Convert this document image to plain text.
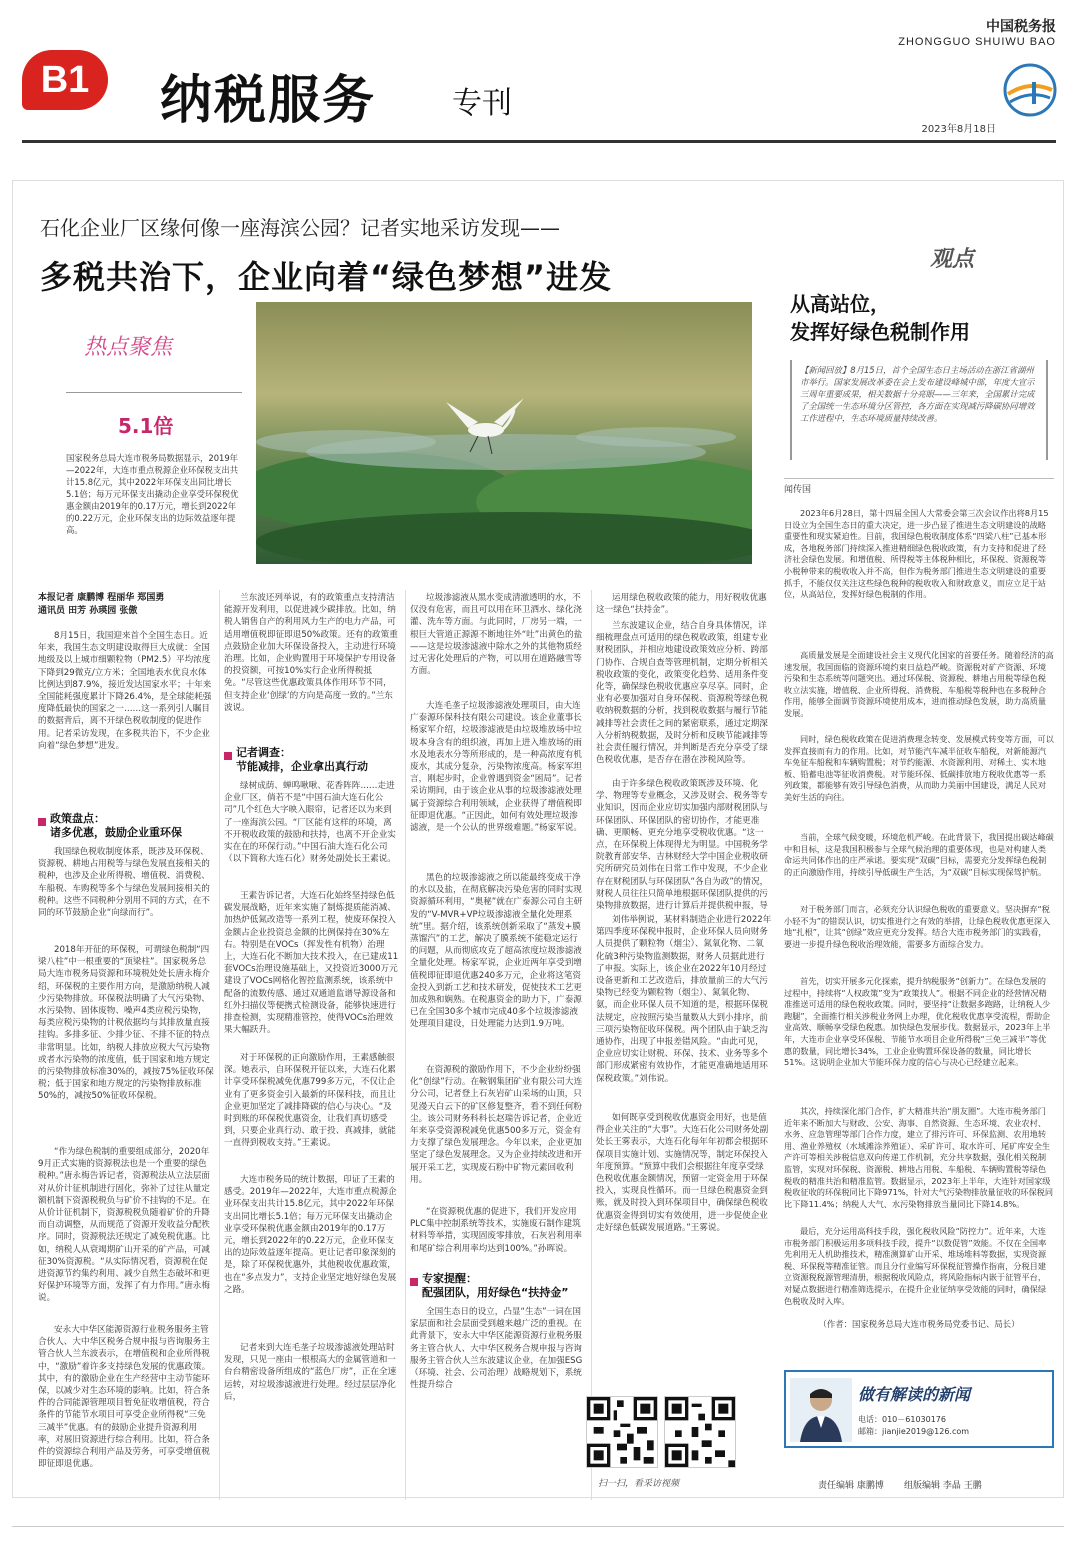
B1	纳税服务	专刊
中国税务报
ZHONGGUO SHUIWU BAO
2023年8月18日
石化企业厂区缘何像一座海滨公园？记者实地采访发现——
多税共治下，企业向着“绿色梦想”进发
热点聚焦
5.1倍
国家税务总局大连市税务局数据显示，2019年—2022年，大连市重点税源企业环保税支出共计15.8亿元，其中2022年环保支出同比增长5.1倍；每万元环保支出撬动企业享受环保税优惠金额由2019年的0.17万元，增长到2022年的0.22万元，企业环保支出的边际效益逐年提高。
观点
从高站位，
发挥好绿色税制作用
【新闻回放】8月15日，首个全国生态日主场活动在浙江省湖州市举行。国家发展改革委在会上发布建设峰城中部，年度大宣示三周年重要成果，相关数据十分亮眼——三年来，全国累计完成了全国统一生态环境分区管控，各方面在实现减污降碳协同增效工作进程中，生态环境质量持续改善。
闻传国
2023年6月28日，第十四届全国人大常委会第三次会议作出将8月15日设立为全国生态日的重大决定，进一步凸显了推进生态文明建设的战略重要性和现实紧迫性。目前，我国绿色税收制度体系“四梁八柱”已基本形成，各地税务部门持续深入推进精细绿色税收政策，有力支持和促进了经济社会绿色发展。和增值税、所得税等主体税种相比，环保税、资源税等小税种带来的税收收入并不高，但作为税务部门推进生态文明建设的重要抓手，不能仅仅关注这些绿色税种的税收收入和财政意义，而应立足于站位，从高站位，发挥好绿色税制的作用。
高质量发展是全面建设社会主义现代化国家的首要任务。随着经济的高速发展，我国面临的资源环境约束日益趋严峻。资源税对矿产资源、环境污染和生态系统等问题突出。通过环保税、资源税、耕地占用税等绿色税收立法实施，增值税、企业所得税、消费税、车船税等税种也在多税种合作用，能够全面调节资源环境使用成本，进而推动绿色发展，助力高质量发展。
同时，绿色税收政策在促进消费理念转变、发展模式转变等方面，可以发挥直接而有力的作用。比如，对节能汽车减半征收车船税，对新能源汽车免征车船税和车辆购置税；对节约能源、水资源利用、对稀土、实木地板、铅蓄电池等征收消费税。对节能环保、低碳排放地方税收优惠等一系列政策，都能够有效引导绿色消费，从而助力美丽中国建设，满足人民对美好生活的向往。
当前，全球气候变暖，环境危机严峻。在此背景下，我国提出碳达峰碳中和目标，这是我国积极参与全球气候治理的重要体现，也是对构建人类命运共同体作出的庄严承诺。要实现“双碳”目标，需要充分发挥绿色税制的正向激励作用，持续引导低碳生产生活，为“双碳”目标实现保驾护航。
对于税务部门而言，必须充分认识绿色税收的重要意义。坚决摒弃“税小轻不为”的错误认识，切实推进行之有效的举措，让绿色税收优惠更深入地“扎根”，让其“创绿”效应更充分发挥。结合大连市税务部门的实践看，要进一步提升绿色税收治理效能，需要多方面综合发力。
首先，切实开展多元化探索，提升纳税服务“创新力”。在绿色发展的过程中，持续将“人权政策”变为“政策找人”。根据不同企业的经营情况精准推送可适用的绿色税收政策。同时，要坚持“让数据多跑路，让纳税人少跑腿”，全面推行相关涉税业务网上办理，优化税收优惠享受流程，帮助企业高效、顺畅享受绿色税惠。加快绿色发展步伐。数据显示，2023年上半年，大连市企业享受环保税、节能节水项目企业所得税“三免三减半”等优惠的数量，同比增长34%，工业企业购置环保设备的数量，同比增长51%。这说明企业加大节能环保力度的信心与决心已经建立起来。
其次，持续深化部门合作，扩大精准共治“朋友圈”。大连市税务部门近年来不断加大与财政、公安、海事、自然资源、生态环境、农业农村、水务、应急管理等部门合作力度，建立了排污许可、环保监测、农用地转用、渔业养殖权（水域滩涂养殖证）、采矿许可、取水许可、尾矿库安全生产许可等相关涉税信息双向传递工作机制，充分共享数据，强化相关税制监管，实现对环保税、资源税、耕地占用税、车船税、车辆购置税等绿色税收的精准共治和精准监管。数据显示，2023年上半年，大连针对国家级税收征收的环保税同比下降971%，针对大气污染物排放量征收的环保税同比下降11.4%；纳税人大气、水污染物排放当量同比下降14.8%。
最后，充分运用高科技手段，强化税收风险“防控力”。近年来，大连市税务部门积极运用多项科技手段，提升“以数促管”效能。不仅在全国率先利用无人机助推技术，精准测算矿山开采、堆场堆料等数据，实现资源税、环保税等精准征管。而且分行业编写环保税征管操作指南，分税目建立资源税税源管理清册，根据税收风险点，将风险指标内嵌于征管平台，对疑点数据进行精准筛选提示，在提升企业征纳享受效能的同时，确保绿色税收及时入库。
（作者：国家税务总局大连市税务局党委书记、局长）
做有解读的新闻
电话：010－61030176
邮箱：jianjie2019@126.com
责任编辑 康鹏博 组版编辑 李晶 王鹏
本报记者 康鹏博 程丽华 郑国勇
通讯员 田芳 孙瑛园 张傲
8月15日，我国迎来首个全国生态日。近年来，我国生态文明建设取得巨大成就：全国地级及以上城市细颗粒物（PM2.5）平均浓度下降到29微克/立方米；全国地表水优良水体比例达到87.9%，接近发达国家水平；十年来全国能耗强度累计下降26.4%，是全球能耗强度降低最快的国家之一……这一系列引人瞩目的数据背后，离不开绿色税收制度的促进作用。记者采访发现，在多税共治下，不少企业向着“绿色梦想”进发。
政策盘点：
诸多优惠，鼓励企业重环保
我国绿色税收制度体系，既涉及环保税、资源税、耕地占用税等与绿色发展直接相关的税种，也涉及企业所得税、增值税、消费税、车船税、车购税等多个与绿色发展间接相关的税种。这些不同税种分别用不同的方式，在不同的环节鼓励企业“向绿而行”。
2018年开征的环保税，可谓绿色税制“四梁八柱”中一根重要的“顶梁柱”。国家税务总局大连市税务局资源和环境税处处长唐永梅介绍，环保税的主要作用方向，是激励纳税人减少污染物排放。环保税法明确了大气污染物、水污染物、固体废物、噪声4类应税污染物，每类应税污染物的计税依据均与其排放量直接挂钩。多排多征、少排少征、不排不征的特点非常明显。比如，纳税人排放应税大气污染物或者水污染物的浓度值，低于国家和地方规定的污染物排放标准30%的，减按75%征收环保税；低于国家和地方规定的污染物排放标准50%的，减按50%征收环保税。
“作为绿色税制的重要组成部分，2020年9月正式实施的资源税法也是一个重要的绿色税种。”唐永梅告诉记者，资源税法从立法层面对从价计征机制进行固化，弥补了过往从量定额机制下资源税税负与矿价不挂钩的不足。在从价计征机制下，资源税税负随着矿价的升降而自动调整，从而规范了资源开发收益分配秩序。同时，资源税法还规定了减免税优惠。比如，纳税人从衰竭期矿山开采的矿产品，可减征30%资源税。“从实际情况看，资源税在促进资源节约集约利用、减少自然生态破坏和更好保护环境等方面，发挥了有力作用。”唐永梅说。
安永大中华区能源资源行业税务服务主管合伙人、大中华区税务合规申报与咨询服务主管合伙人兰东波表示，在增值税和企业所得税中，“激励”着许多支持绿色发展的优惠政策。其中，有的激励企业在生产经营中主动节能环保，以减少对生态环境的影响。比如，符合条件的合同能源管理项目暂免征收增值税，符合条件的节能节水项目可享受企业所得税“三免三减半”优惠。有的鼓励企业提升资源利用率，对展旧资源进行综合利用。比如，符合条件的资源综合利用产品及劳务，可享受增值税即征即退优惠。
兰东波还列举说，有的政策重点支持清洁能源开发利用，以促进减少碳排放。比如，纳税人销售自产的利用风力生产的电力产品，可适用增值税即征即退50%政策。还有的政策重点鼓励企业加大环保设备投入，主动进行环境治理。比如，企业购置用于环境保护专用设备的投资额，可按10%实行企业所得税抵免。“尽管这些优惠政策具体作用环节不同，但支持企业‘创绿’的方向是高度一致的。”兰东波说。
记者调查：
节能减排，企业拿出真行动
绿树成荫、蝉鸣啾啾、花香阵阵……走进企业厂区，倘若不是“中国石油大连石化公司”几个红色大字映入眼帘，记者还以为来到了一座海滨公园。“厂区能有这样的环境，离不开税收政策的鼓励和扶持，也离不开企业实实在在的环保行动。”中国石油大连石化公司（以下简称大连石化）财务处副处长王素说。
王素告诉记者，大连石化始终坚持绿色低碳发展战略，近年来实施了制炼提质能消减、加热炉低氮改造等一系列工程，使废环保投入金额占企业投资总金额的比例保持在30%左右。特别是在VOCs（挥发性有机物）治理上，大连石化不断加大技术投入，在已建成11套VOCs治理设施基础上，又投资近3000万元建设了VOCs网格化智控监测系统，该系统中配备的流数传感、通过双通道监谱导源设备和红外扫描仪等便携式检测设备，能够快速进行排查检测，实现精准管控，使得VOCs治理效果大幅跃升。
对于环保税的正向激励作用，王素感触很深。她表示，自环保税开征以来，大连石化累计享受环保税减免优惠799多万元，不仅让企业有了更多资金引入最新的环保科技，而且让企业更加坚定了减排降碳的信心与决心。“及时到账的环保税优惠资金，让我们真切感受到，只要企业真行动、敢于投、真减排，就能一直得到税收支持。”王素说。
大连市税务局的统计数据，印证了王素的感受。2019年—2022年，大连市重点税源企业环保支出共计15.8亿元，其中2022年环保支出同比增长5.1倍；每万元环保支出撬动企业享受环保税优惠金额由2019年的0.17万元，增长到2022年的0.22万元，企业环保支出的边际效益逐年提高。更让记者印象深刻的是，除了环保税优惠外，其他税收优惠政策，也在“多点发力”，支持企业坚定地好绿色发展之路。
记者来到大连毛垄子垃圾渗滤液处理站时发现，只见一座由一根根高大的金属管道和一台台精密设备所组成的“蓝色厂房”，正在全速运转，对垃圾渗滤液进行处理。经过层层净化后，
垃圾渗滤液从黑水变成清澈透明的水，不仅没有危害，而且可以用在环卫洒水、绿化浇灌、洗车等方面。与此同时，厂房另一端，一根巨大管道正源源不断地往外“吐”出黄色的盐——这是垃圾渗滤液中除水之外的其他物质经过无害化处理后的产物，可以用在道路融雪等方面。
大连毛垄子垃圾渗滤液处理项目，由大连广泰源环保科技有限公司建设。该企业董事长杨家军介绍，垃圾渗滤液是由垃圾堆放场中垃圾本身含有的组织液，再加上进入堆放场的雨水及地表水分等所形成的，是一种高浓度有机废水，其成分复杂，污染物浓度高。杨家军坦言，刚起步时，企业曾遇到资金“困局”。记者采访期间，由于该企业从事的垃圾渗滤液处理属于资源综合利用领域，企业获得了增值税即征即退优惠。“正因此，如何有效处理垃圾渗滤液，是一个公认的世界级难题。”杨家军说。
黑色的垃圾渗滤液之所以能最终变成干净的水以及盐，在彻底解决污染危害的同时实现资源循环利用，“奥秘”就在广泰源公司自主研发的“V-MVR+VP垃圾渗滤液全量化处理系统”里。据介绍，该系统创新采取了“蒸发+膜蒸馏汽”的工艺，解决了膜系统不能稳定运行的问题，从而彻底攻克了超高浓度垃圾渗滤液全量化处理。杨家军说，企业近两年享受到增值税即征即退优惠240多万元，企业将这笔资金投入到新工艺和技术研发，促使技术工艺更加成熟和娴熟。在税惠资金的助力下，广泰源已在全国30多个城市完成40多个垃圾渗滤液处理项目建设，日处理能力达到1.9万吨。
在资源税的激励作用下，不少企业纷纷强化“创绿”行动。在鞍钢集团矿业有限公司大连分公司，记者登上石灰岩矿山采场的山顶，只见漫天白云下的矿区修复整齐，看不到任何粉尘。该公司财务科科长赵瑞告诉记者，企业近年来享受资源税减免优惠500多万元，资金有力支撑了绿色发展理念。今年以来，企业更加坚定了绿色发展理念。又为企业持续改进和开展开采工艺，实现废石粉中矿物元素回收利用。
“在资源税优惠的促进下，我们开发应用PLC集中控制系统等技术，实施废石制作建筑材料等举措，实现固废零排放，石灰岩利用率和尾矿综合利用率均达到100%。”孙晖说。
专家提醒：
配强团队，用好绿色“扶持金”
全国生态日的设立，凸显“生态”一词在国家层面和社会层面受到越来越广泛的重视。在此背景下，安永大中华区能源资源行业税务服务主管合伙人、大中华区税务合规申报与咨询服务主管合伙人兰东波建议企业，在加强ESG（环境、社会、公司治理）战略规划下，系统性提升综合
运用绿色税收政策的能力，用好税收优惠这一绿色“扶持金”。
兰东波建议企业，结合自身具体情况，详细梳理盘点可适用的绿色税收政策，组建专业财税团队，并相应地建设政策效应分析、跨部门协作、合规自查等管理机制，定期分析相关税收政策的变化，政策变化趋势、适用条件变化等，确保绿色税收优惠应享尽享。同时，企业有必要加强对自身环保税、资源税等绿色税收纳税数据的分析，找到税收数据与履行节能减排等社会责任之间的紧密联系，通过定期深入分析纳税数据，及时分析和反映节能减排等社会责任履行情况，并判断是否充分享受了绿色税收优惠，是否存在潜在涉税风险等。
由于许多绿色税收政策既涉及环境、化学、物理等专业概念，又涉及财会、税务等专业知识，因而企业应切实加强内部财税团队与环保团队、环保团队的密切协作，才能更准确、更顺畅、更充分地享受税收优惠。“这一点，在环保税上体现得尤为明显。中国税务学院教育部安华、吉林财经大学中国企业税收研究所研究员刘伟在日常工作中发现，不少企业存在财税团队与环保团队“各自为政”的情况，财税人员往往只简单地根据环保团队提供的污染物排放数据，进行计算后并提供税申报，导
刘伟举例说，某材料制造企业进行2022年第四季度环保税申报时，企业环保人员向财务人员提供了颗粒物（烟尘）、氮氧化物、二氧化硫3种污染物监测数据，财务人员据此进行了申报。实际上，该企业在2022年10月经过设备更新和工艺改造后，排放量前三的大气污染物已经变为颗粒物（烟尘）、氮氧化物、氨，而企业环保人员不知道的是，根据环保税法规定，应按照污染当量数从大到小排序，前三项污染物征收环保税。两个团队由于缺乏沟通协作，出现了申报差错风险。“由此可见，企业应切实让财税、环保、技术、业务等多个部门形成紧密有效协作，才能更准确地适用环保税政策。”刘伟说。
如何既享受到税收优惠资金用好，也是值得企业关注的“大事”。大连石化公司财务处副处长王雾表示，大连石化每年年初都会根据环保项目实施计划、实施情况等，制定环保投入年度预算。“预算中我们会根据往年度享受绿色税收优惠金额情况，预留一定资金用于环保投入，实现良性循环。而一旦绿色税惠资金到账，就及时投入到环保项目中，确保绿色税收优惠资金得到切实有效使用，进一步促使企业走好绿色低碳发展道路。”王雾说。
扫一扫，看采访视频
